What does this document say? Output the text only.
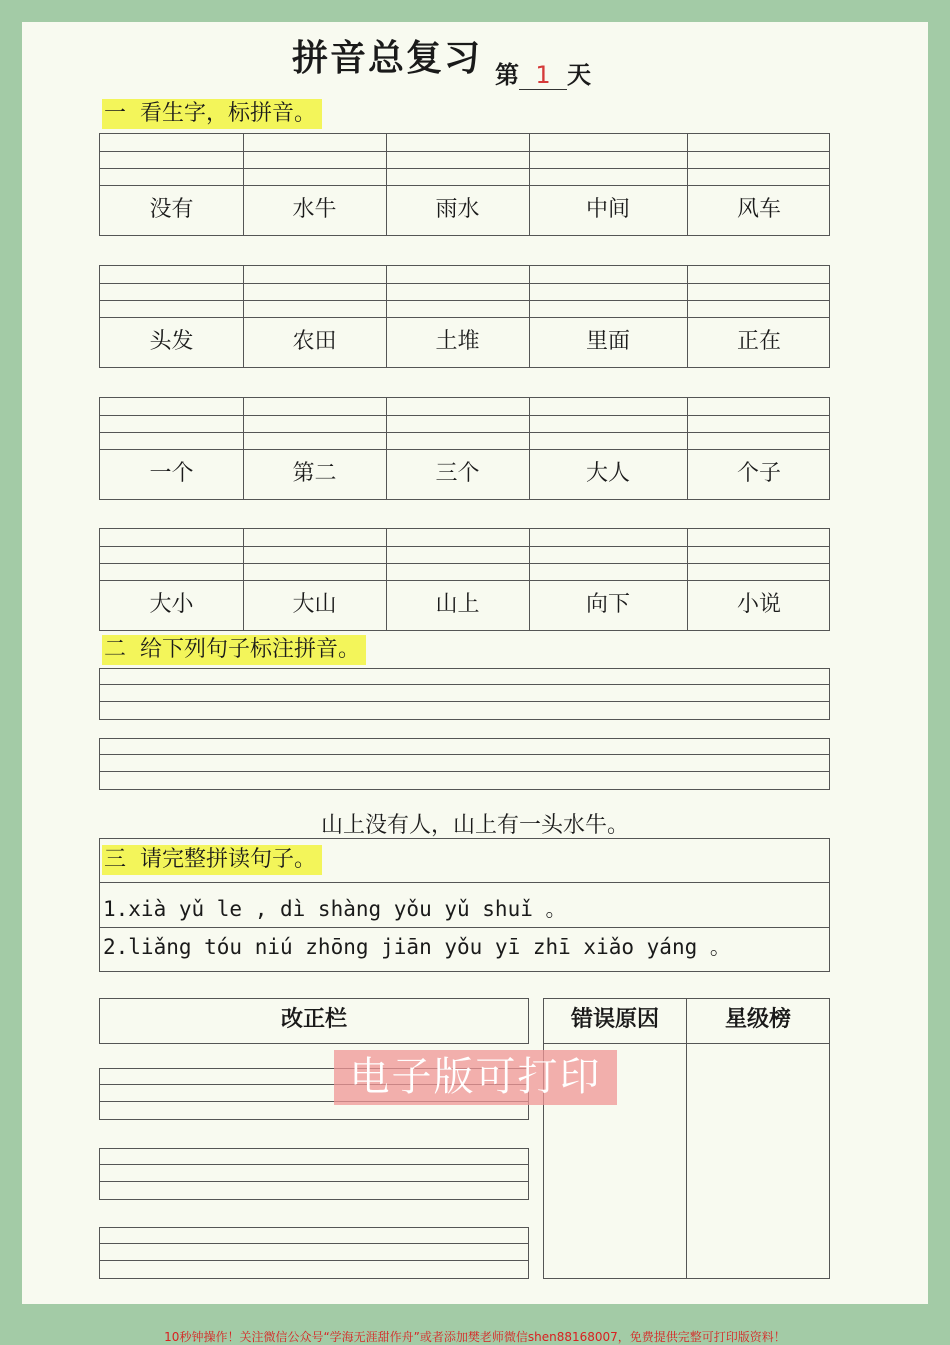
拼音总复习 第 1 天
一  看生字，标拼音。
没有	水牛	雨水	中间	风车
头发	农田	土堆	里面	正在
一个	第二	三个	大人	个子
大小	大山	山上	向下	小说
二  给下列句子标注拼音。
山上没有人，山上有一头水牛。
三  请完整拼读句子。
1.xià yǔ le , dì shàng yǒu yǔ shuǐ 。
2.liǎng tóu niú zhōng jiān yǒu yī zhī xiǎo yáng 。
改正栏	错误原因	星级榜
电子版可打印
10秒钟操作！关注微信公众号“学海无涯甜作舟”或者添加樊老师微信shen88168007，免费提供完整可打印版资料！
